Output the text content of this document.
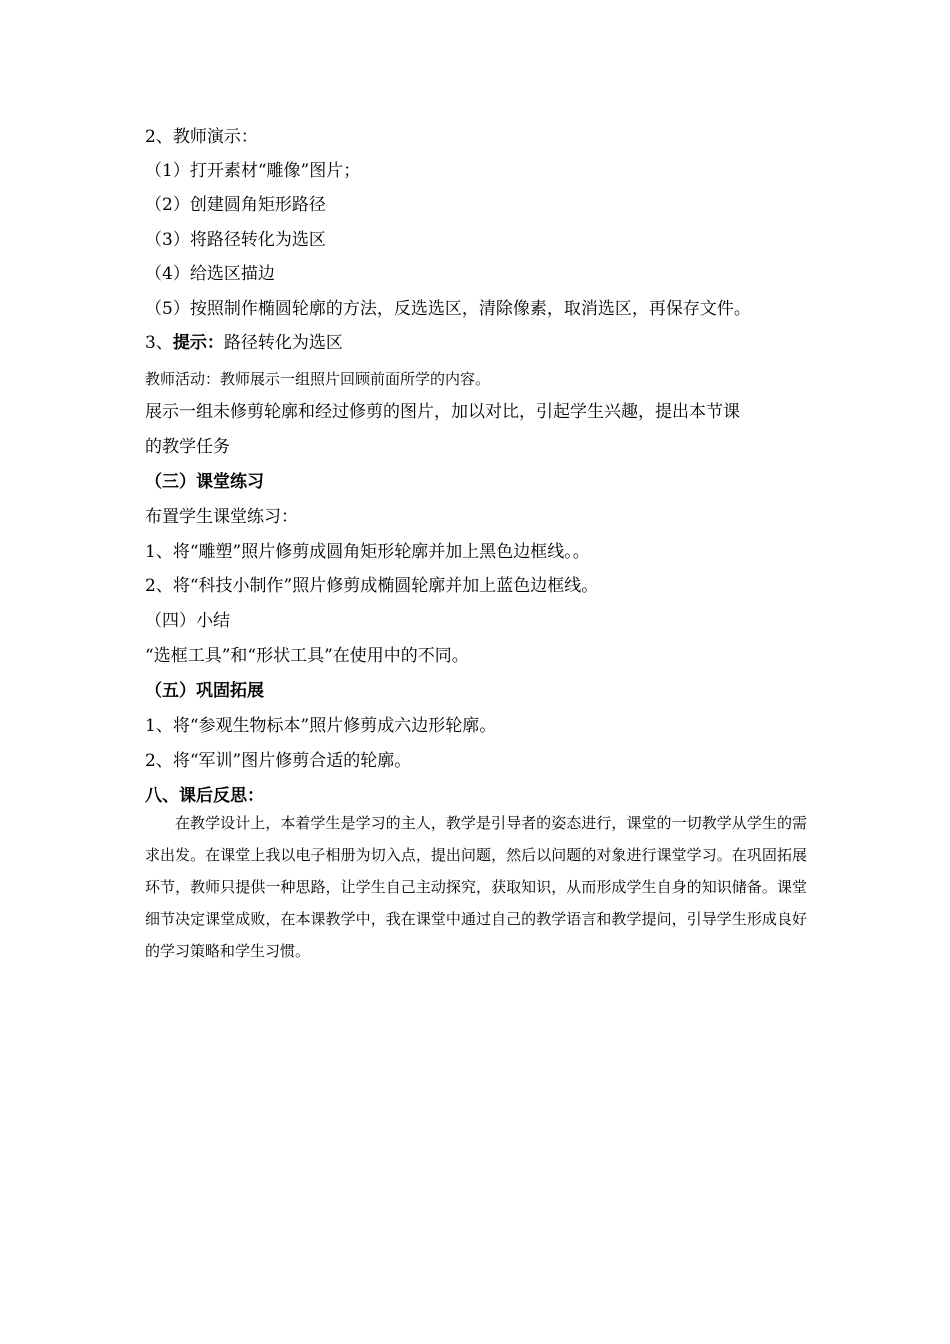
2、教师演示：
（1）打开素材“雕像”图片；
（2）创建圆角矩形路径
（3）将路径转化为选区
（4）给选区描边
（5）按照制作椭圆轮廓的方法，反选选区，清除像素，取消选区，再保存文件。
3、提示：路径转化为选区
教师活动：教师展示一组照片回顾前面所学的内容。
展示一组未修剪轮廓和经过修剪的图片，加以对比，引起学生兴趣，提出本节课
的教学任务
（三）课堂练习
布置学生课堂练习：
1、将“雕塑”照片修剪成圆角矩形轮廓并加上黑色边框线。。
2、将“科技小制作”照片修剪成椭圆轮廓并加上蓝色边框线。
（四）小结
“选框工具”和“形状工具”在使用中的不同。
（五）巩固拓展
1、将“参观生物标本”照片修剪成六边形轮廓。
2、将“军训”图片修剪合适的轮廓。
八、课后反思：
在教学设计上，本着学生是学习的主人，教学是引导者的姿态进行，课堂的一切教学从学生的需求出发。在课堂上我以电子相册为切入点，提出问题，然后以问题的对象进行课堂学习。在巩固拓展环节，教师只提供一种思路，让学生自己主动探究，获取知识，从而形成学生自身的知识储备。课堂细节决定课堂成败，在本课教学中，我在课堂中通过自己的教学语言和教学提问，引导学生形成良好的学习策略和学生习惯。
